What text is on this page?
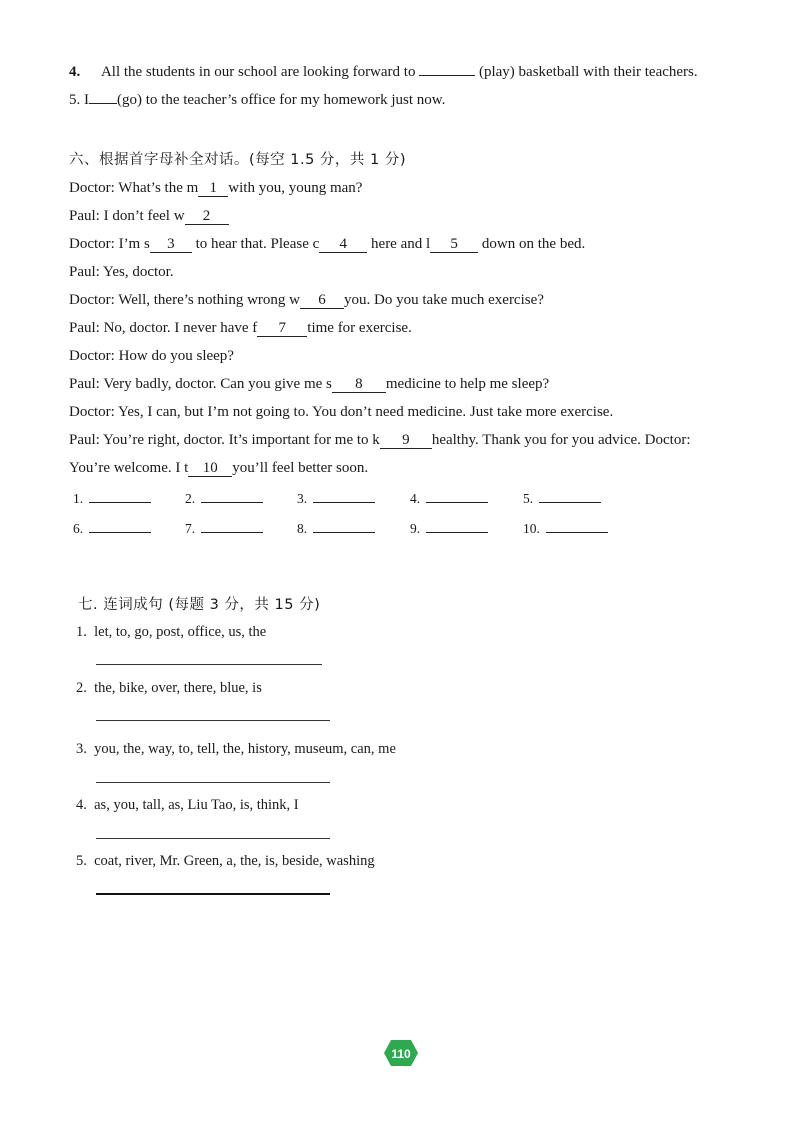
4. All the students in our school are looking forward to	(play) basketball with their teachers.
5. I (go) to the teacher’s office for my homework just now.
六、根据首字母补全对话。(每空 1.5 分，共 1 分)
Doctor: What’s the m 1 with you, young man?
Paul: I don’t feel w 2
Doctor: I’m s 3 to hear that. Please c 4 here and l 5 down on the bed.
Paul: Yes, doctor.
Doctor: Well, there’s nothing wrong w 6 you. Do you take much exercise?
Paul: No, doctor. I never have f 7 time for exercise.
Doctor: How do you sleep?
Paul: Very badly, doctor. Can you give me s 8 medicine to help me sleep?
Doctor: Yes, I can, but I’m not going to. You don’t need medicine. Just take more exercise.
Paul: You’re right, doctor. It’s important for me to k 9 healthy. Thank you for you advice. Doctor:
You’re welcome. I t 10 you’ll feel better soon.
1.	2.	3.	4.	5.
6.	7.	8.	9.	10.
七. 连词成句 (每题 3 分，共 15 分)
1. let, to, go, post, office, us, the
2. the, bike, over, there, blue, is
3. you, the, way, to, tell, the, history, museum, can, me
4. as, you, tall, as, Liu Tao, is, think, I
5. coat, river, Mr. Green, a, the, is, beside, washing
110
